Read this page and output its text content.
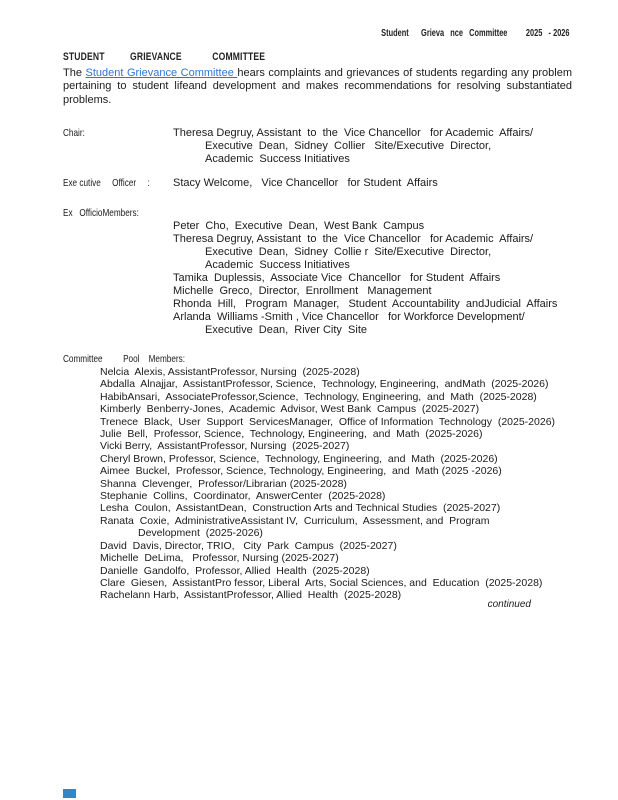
Student      Grieva   nce   Committee         2025   - 2026
STUDENT          GRIEVANCE            COMMITTEE
The Student Grievance Committee hears complaints and grievances of students regarding any problem pertaining to student lifeand development and makes recommendations for resolving substantiated problems.
Chair:	Theresa Degruy, Assistant  to  the  Vice Chancellor   for Academic  Affairs/
Executive  Dean,  Sidney  Collier   Site/Executive  Director,
Academic  Success Initiatives
Exe cutive     Officer     :	Stacy Welcome,   Vice Chancellor   for Student  Affairs
Ex   OfficioMembers:
Peter  Cho,  Executive  Dean,  West Bank  Campus
Theresa Degruy, Assistant  to  the  Vice Chancellor   for Academic  Affairs/
Executive  Dean,  Sidney  Collie r  Site/Executive  Director,
Academic  Success Initiatives
Tamika  Duplessis,  Associate Vice  Chancellor   for Student  Affairs
Michelle  Greco,  Director,  Enrollment   Management
Rhonda  Hill,   Program  Manager,   Student  Accountability  andJudicial  Affairs
Arlanda  Williams -Smith , Vice Chancellor   for Workforce Development/
Executive  Dean,  River City  Site
Committee         Pool    Members:
Nelcia  Alexis, AssistantProfessor, Nursing  (2025-2028)
Abdalla  Alnajjar,  AssistantProfessor, Science,  Technology, Engineering,  andMath  (2025-2026)
HabibAnsari,  AssociateProfessor,Science,  Technology, Engineering,  and  Math  (2025-2028)
Kimberly  Benberry-Jones,  Academic  Advisor, West Bank  Campus  (2025-2027)
Trenece  Black,  User  Support  ServicesManager,  Office of Information  Technology  (2025-2026)
Julie  Bell,  Professor, Science,  Technology, Engineering,  and  Math  (2025-2026)
Vicki Berry,  AssistantProfessor, Nursing  (2025-2027)
Cheryl Brown, Professor, Science,  Technology, Engineering,  and  Math  (2025-2026)
Aimee  Buckel,  Professor, Science, Technology, Engineering,  and  Math (2025 -2026)
Shanna  Clevenger,  Professor/Librarian (2025-2028)
Stephanie  Collins,  Coordinator,  AnswerCenter  (2025-2028)
Lesha  Coulon,  AssistantDean,  Construction Arts and Technical Studies  (2025-2027)
Ranata  Coxie,  AdministrativeAssistant IV,  Curriculum,  Assessment, and  Program
Development  (2025-2026)
David  Davis, Director, TRIO,   City  Park  Campus  (2025-2027)
Michelle  DeLima,   Professor, Nursing (2025-2027)
Danielle  Gandolfo,  Professor, Allied  Health  (2025-2028)
Clare  Giesen,  AssistantPro fessor, Liberal  Arts, Social Sciences, and  Education  (2025-2028)
Rachelann Harb,  AssistantProfessor, Allied  Health  (2025-2028)
continued
